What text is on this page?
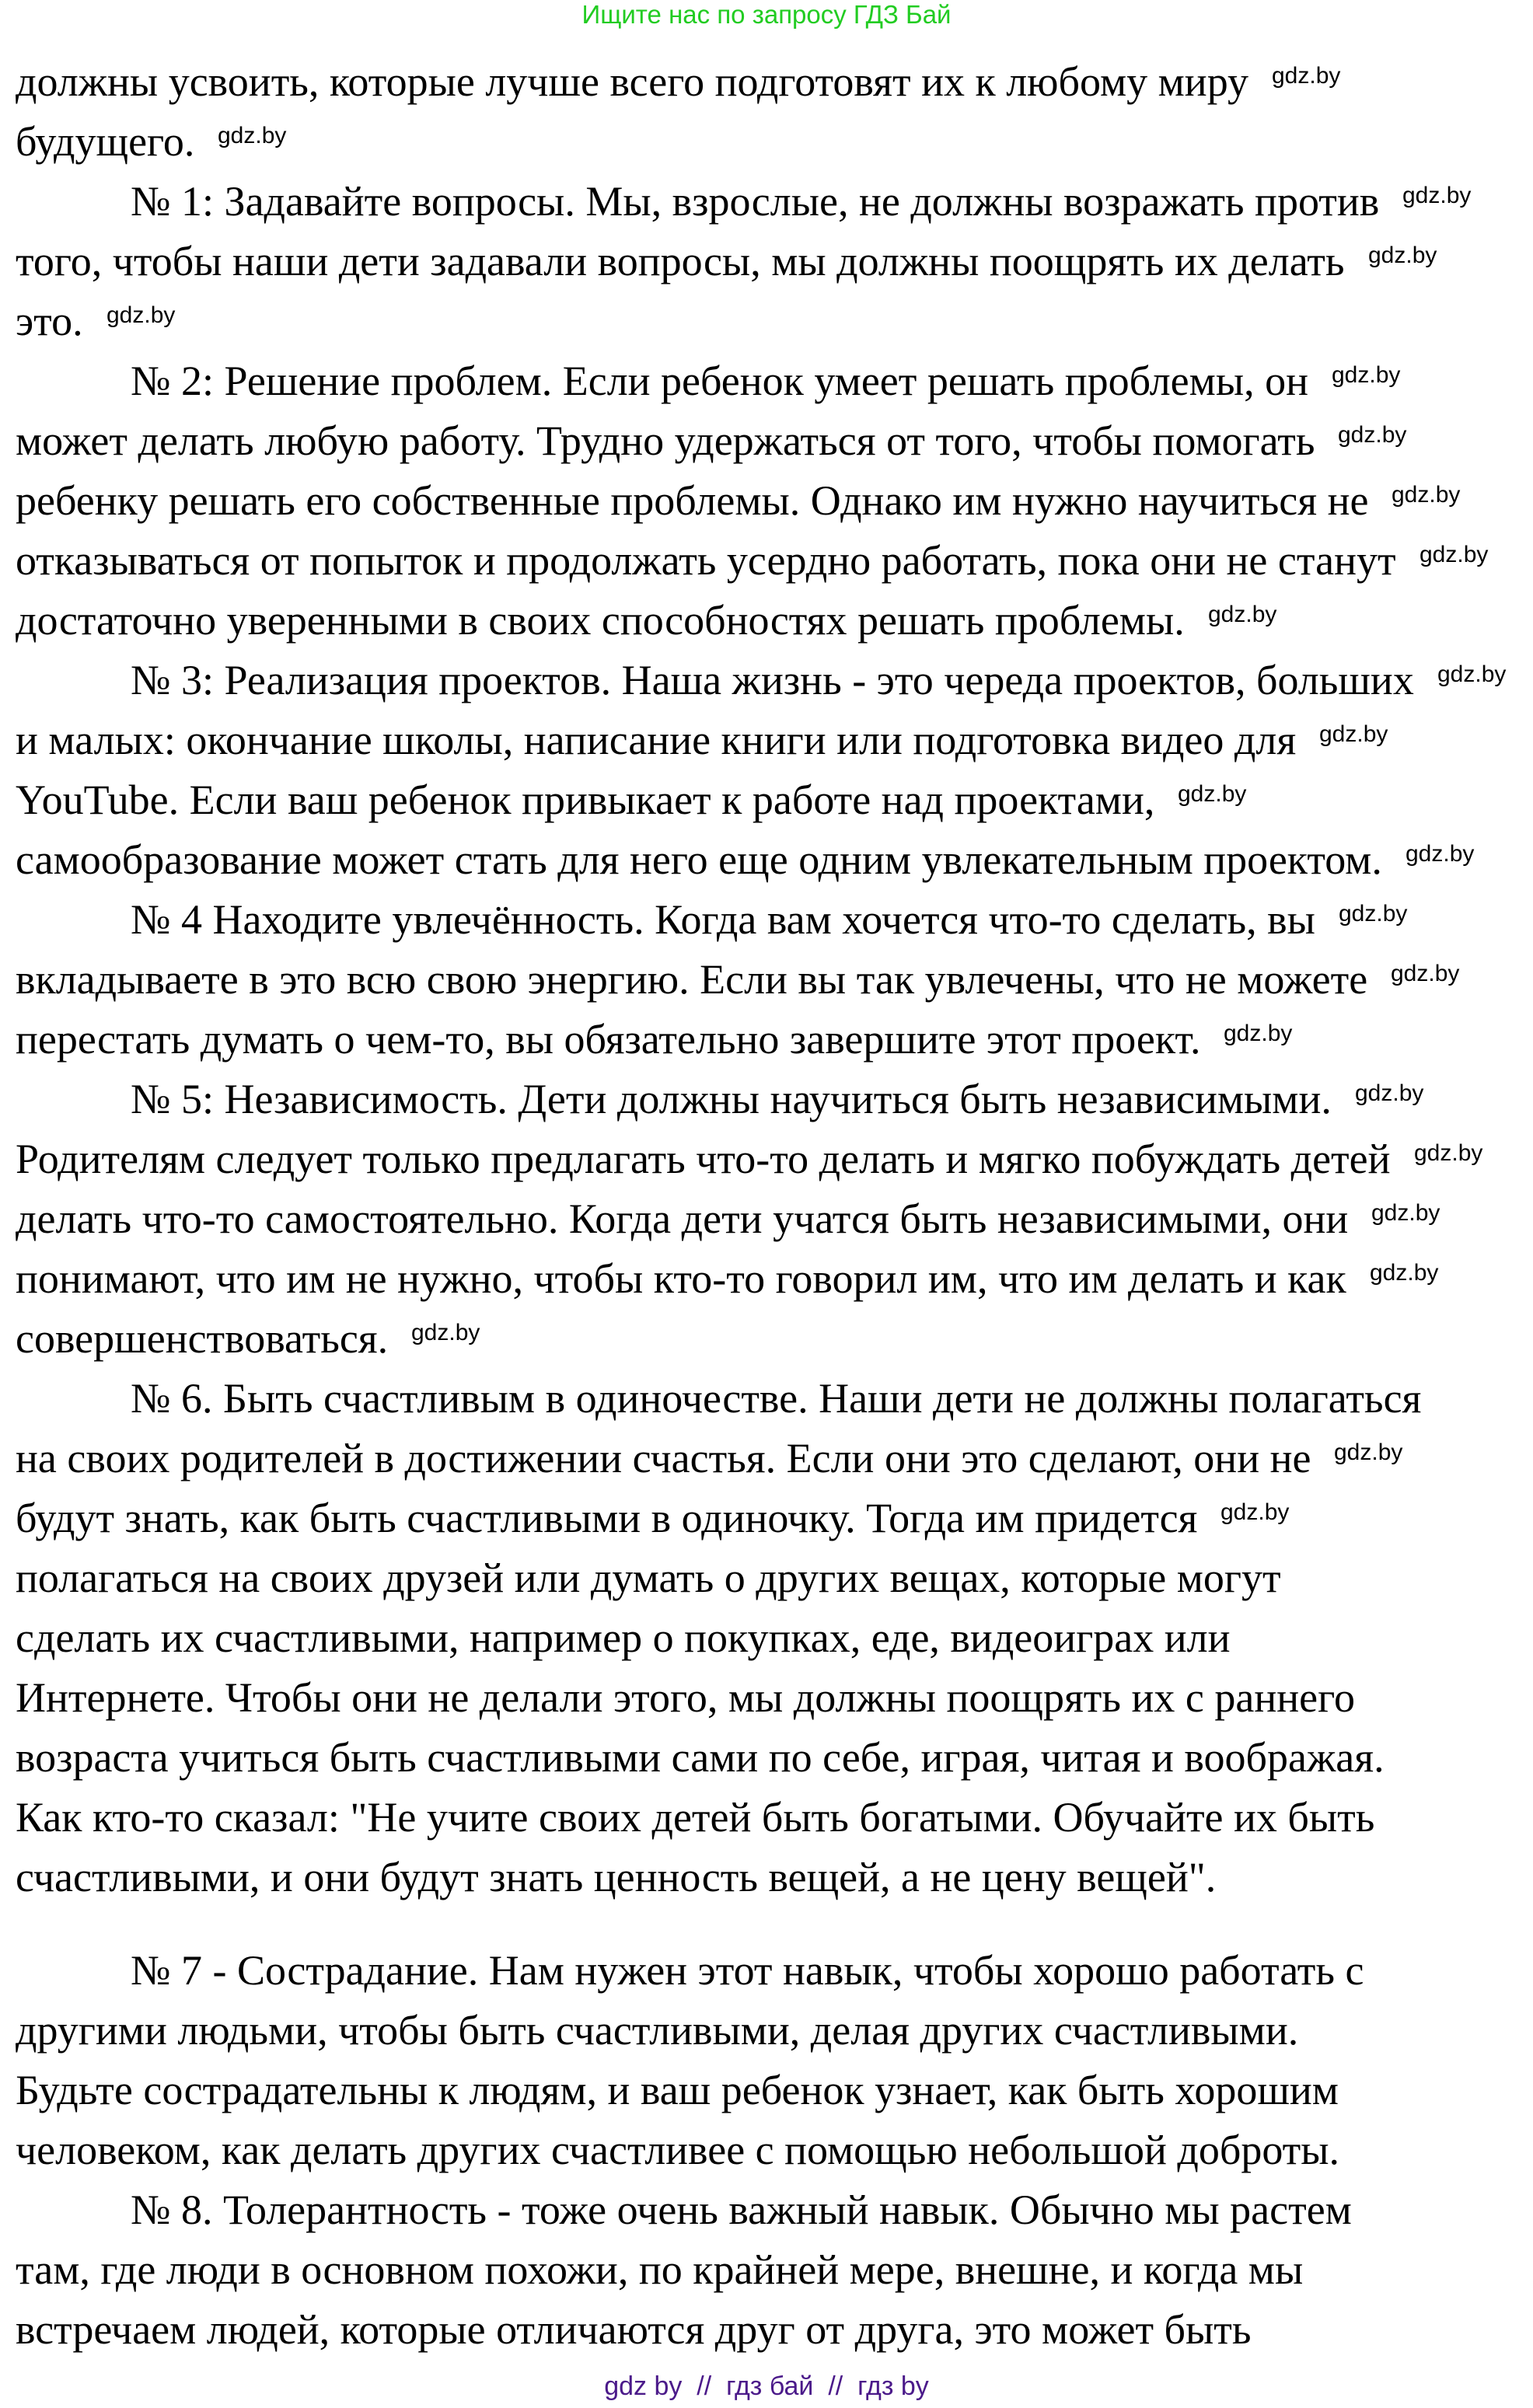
Ищите нас по запросу ГДЗ Бай
должны усвоить, которые лучше всего подготовят их к любому миру
будущего.
№ 1: Задавайте вопросы. Мы, взрослые, не должны возражать против
того, чтобы наши дети задавали вопросы, мы должны поощрять их делать
это.
№ 2: Решение проблем. Если ребенок умеет решать проблемы, он
может делать любую работу. Трудно удержаться от того, чтобы помогать
ребенку решать его собственные проблемы. Однако им нужно научиться не
отказываться от попыток и продолжать усердно работать, пока они не станут
достаточно уверенными в своих способностях решать проблемы.
№ 3: Реализация проектов. Наша жизнь - это череда проектов, больших
и малых: окончание школы, написание книги или подготовка видео для
YouTube. Если ваш ребенок привыкает к работе над проектами,
самообразование может стать для него еще одним увлекательным проектом.
№ 4 Находите увлечённость. Когда вам хочется что-то сделать, вы
вкладываете в это всю свою энергию. Если вы так увлечены, что не можете
перестать думать о чем-то, вы обязательно завершите этот проект.
№ 5: Независимость. Дети должны научиться быть независимыми.
Родителям следует только предлагать что-то делать и мягко побуждать детей
делать что-то самостоятельно. Когда дети учатся быть независимыми, они
понимают, что им не нужно, чтобы кто-то говорил им, что им делать и как
совершенствоваться.
№ 6. Быть счастливым в одиночестве. Наши дети не должны полагаться
на своих родителей в достижении счастья. Если они это сделают, они не
будут знать, как быть счастливыми в одиночку. Тогда им придется
полагаться на своих друзей или думать о других вещах, которые могут
сделать их счастливыми, например о покупках, еде, видеоиграх или
Интернете. Чтобы они не делали этого, мы должны поощрять их с раннего
возраста учиться быть счастливыми сами по себе, играя, читая и воображая.
Как кто-то сказал: "Не учите своих детей быть богатыми. Обучайте их быть
счастливыми, и они будут знать ценность вещей, а не цену вещей".
№ 7 - Сострадание. Нам нужен этот навык, чтобы хорошо работать с
другими людьми, чтобы быть счастливыми, делая других счастливыми.
Будьте сострадательны к людям, и ваш ребенок узнает, как быть хорошим
человеком, как делать других счастливее с помощью небольшой доброты.
№ 8. Толерантность - тоже очень важный навык. Обычно мы растем
там, где люди в основном похожи, по крайней мере, внешне, и когда мы
встречаем людей, которые отличаются друг от друга, это может быть
gdz.by
gdz.by
gdz.by
gdz.by
gdz.by
gdz.by
gdz.by
gdz.by
gdz.by
gdz.by
gdz.by
gdz.by
gdz.by
gdz.by
gdz.by
gdz.by
gdz.by
gdz.by
gdz.by
gdz.by
gdz.by
gdz.by
gdz.by
gdz.by
gdz by  //  гдз бай  //  гдз by
